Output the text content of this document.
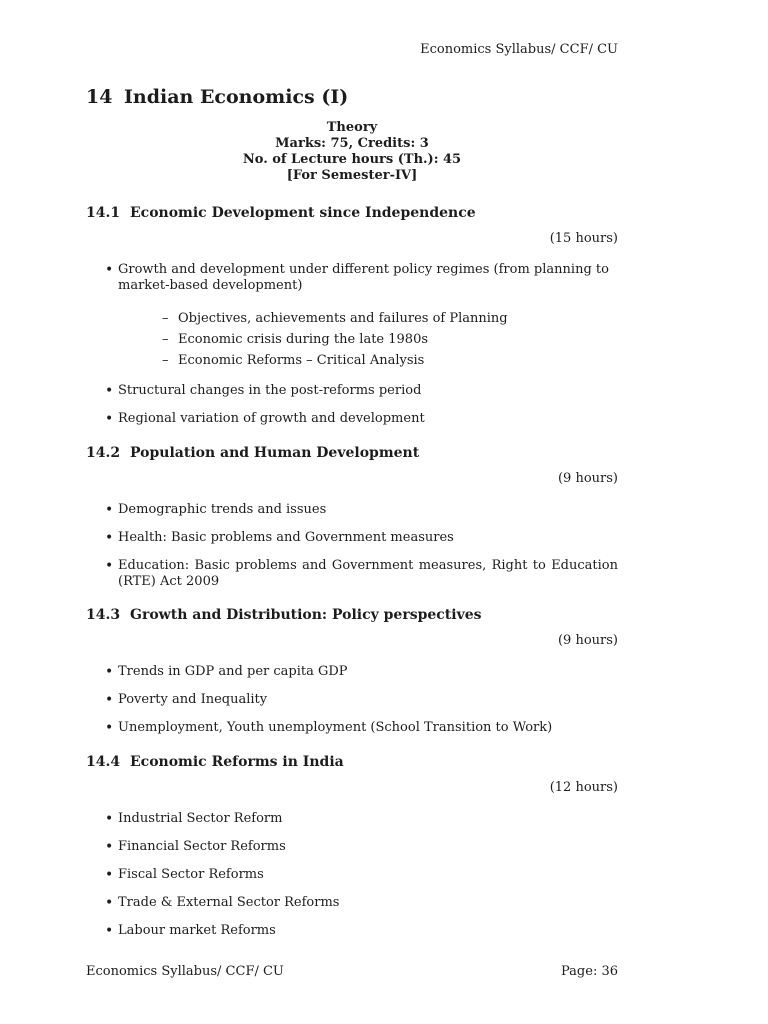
Economics Syllabus/ CCF/ CU
14 Indian Economics (I)
Theory
Marks: 75, Credits: 3
No. of Lecture hours (Th.): 45
[For Semester-IV]
14.1 Economic Development since Independence
(15 hours)
• Growth and development under different policy regimes (from planning to market-based development)
– Objectives, achievements and failures of Planning
– Economic crisis during the late 1980s
– Economic Reforms – Critical Analysis
• Structural changes in the post-reforms period
• Regional variation of growth and development
14.2 Population and Human Development
(9 hours)
• Demographic trends and issues
• Health: Basic problems and Government measures
• Education: Basic problems and Government measures, Right to Education (RTE) Act 2009
14.3 Growth and Distribution: Policy perspectives
(9 hours)
• Trends in GDP and per capita GDP
• Poverty and Inequality
• Unemployment, Youth unemployment (School Transition to Work)
14.4 Economic Reforms in India
(12 hours)
• Industrial Sector Reform
• Financial Sector Reforms
• Fiscal Sector Reforms
• Trade & External Sector Reforms
• Labour market Reforms
Economics Syllabus/ CCF/ CU	Page: 36
